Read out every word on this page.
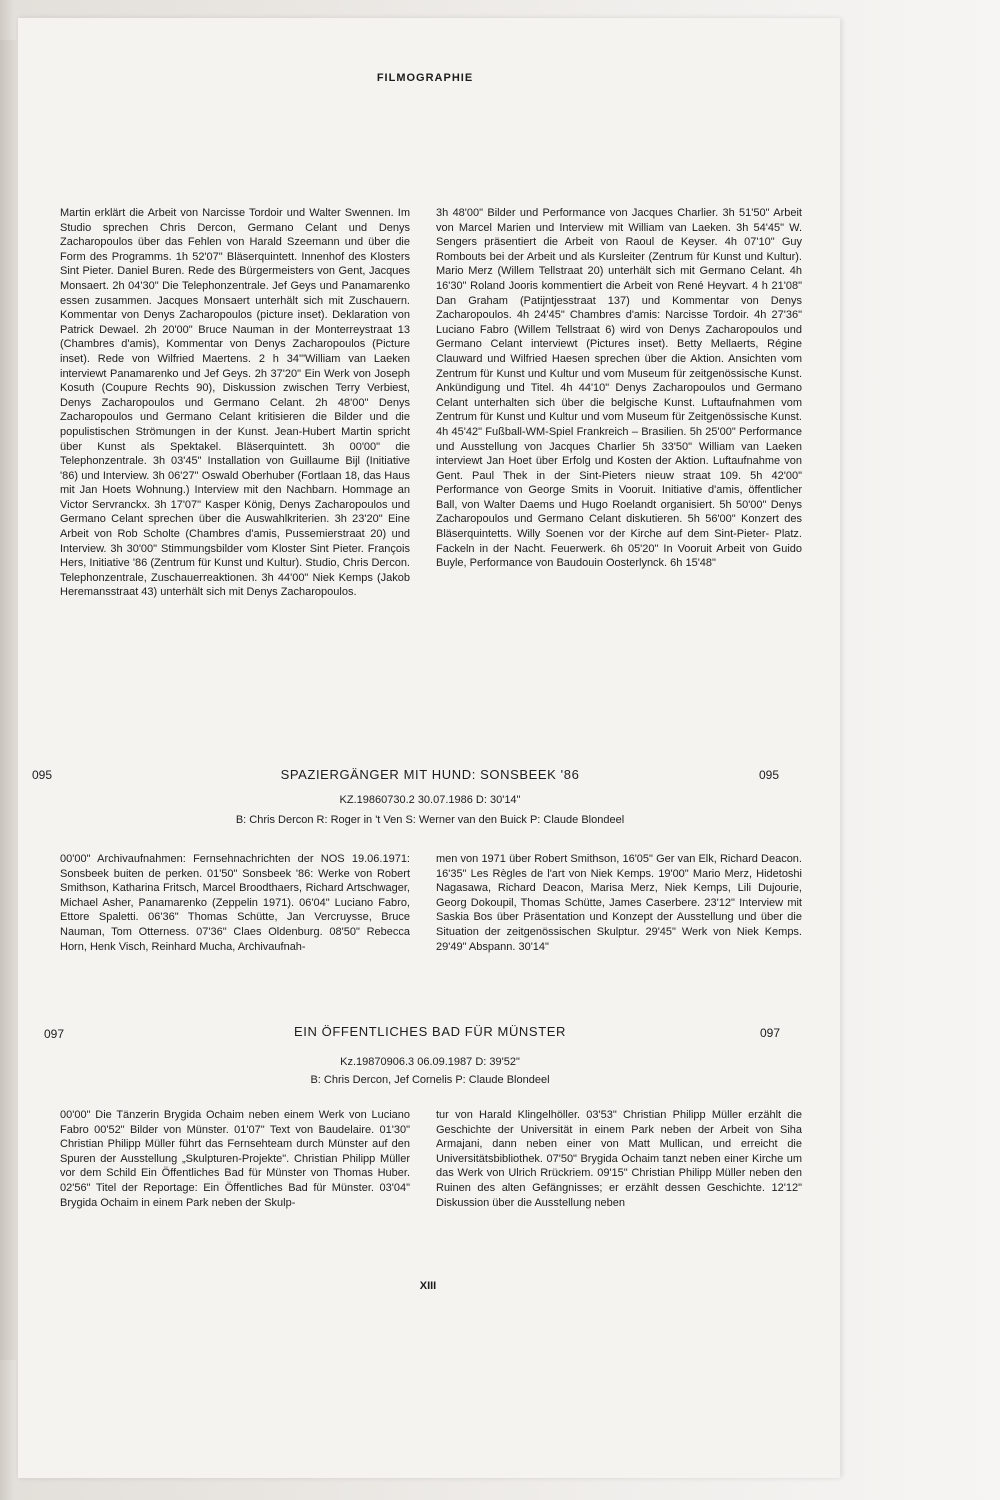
FILMOGRAPHIE
Martin erklärt die Arbeit von Narcisse Tordoir und Walter Swennen. Im Studio sprechen Chris Dercon, Germano Celant und Denys Zacharopoulos über das Fehlen von Harald Szeemann und über die Form des Programms. 1h 52'07" Bläserquintett. Innenhof des Klosters Sint Pieter. Daniel Buren. Rede des Bürgermeisters von Gent, Jacques Monsaert. 2h 04'30" Die Telephonzentrale. Jef Geys und Panamarenko essen zusammen. Jacques Monsaert unterhält sich mit Zuschauern. Kommentar von Denys Zacharopoulos (picture inset). Deklaration von Patrick Dewael. 2h 20'00" Bruce Nauman in der Monterreystraat 13 (Chambres d'amis), Kommentar von Denys Zacharopoulos (Picture inset). Rede von Wilfried Maertens. 2 h 34'"William van Laeken interviewt Panamarenko und Jef Geys. 2h 37'20" Ein Werk von Joseph Kosuth (Coupure Rechts 90), Diskussion zwischen Terry Verbiest, Denys Zacharopoulos und Germano Celant. 2h 48'00" Denys Zacharopoulos und Germano Celant kritisieren die Bilder und die populistischen Strömungen in der Kunst. Jean-Hubert Martin spricht über Kunst als Spektakel. Bläserquintett. 3h 00'00" die Telephonzentrale. 3h 03'45" Installation von Guillaume Bijl (Initiative '86) und Interview. 3h 06'27" Oswald Oberhuber (Fortlaan 18, das Haus mit Jan Hoets Wohnung.) Interview mit den Nachbarn. Hommage an Victor Servranckx. 3h 17'07" Kasper König, Denys Zacharopoulos und Germano Celant sprechen über die Auswahlkriterien. 3h 23'20" Eine Arbeit von Rob Scholte (Chambres d'amis, Pussemierstraat 20) und Interview. 3h 30'00" Stimmungsbilder vom Kloster Sint Pieter. François Hers, Initiative '86 (Zentrum für Kunst und Kultur). Studio, Chris Dercon. Telephonzentrale, Zuschauerreaktionen. 3h 44'00" Niek Kemps (Jakob Heremansstraat 43) unterhält sich mit Denys Zacharopoulos.
3h 48'00" Bilder und Performance von Jacques Charlier. 3h 51'50" Arbeit von Marcel Marien und Interview mit William van Laeken. 3h 54'45" W. Sengers präsentiert die Arbeit von Raoul de Keyser. 4h 07'10" Guy Rombouts bei der Arbeit und als Kursleiter (Zentrum für Kunst und Kultur). Mario Merz (Willem Tellstraat 20) unterhält sich mit Germano Celant. 4h 16'30" Roland Jooris kommentiert die Arbeit von René Heyvart. 4 h 21'08" Dan Graham (Patijntjesstraat 137) und Kommentar von Denys Zacharopoulos. 4h 24'45" Chambres d'amis: Narcisse Tordoir. 4h 27'36" Luciano Fabro (Willem Tellstraat 6) wird von Denys Zacharopoulos und Germano Celant interviewt (Pictures inset). Betty Mellaerts, Régine Clauward und Wilfried Haesen sprechen über die Aktion. Ansichten vom Zentrum für Kunst und Kultur und vom Museum für zeitgenössische Kunst. Ankündigung und Titel. 4h 44'10" Denys Zacharopoulos und Germano Celant unterhalten sich über die belgische Kunst. Luftaufnahmen vom Zentrum für Kunst und Kultur und vom Museum für Zeitgenössische Kunst. 4h 45'42" Fußball-WM-Spiel Frankreich – Brasilien. 5h 25'00" Performance und Ausstellung von Jacques Charlier 5h 33'50" William van Laeken interviewt Jan Hoet über Erfolg und Kosten der Aktion. Luftaufnahme von Gent. Paul Thek in der Sint-Pieters nieuw straat 109. 5h 42'00" Performance von George Smits in Vooruit. Initiative d'amis, öffentlicher Ball, von Walter Daems und Hugo Roelandt organisiert. 5h 50'00" Denys Zacharopoulos und Germano Celant diskutieren. 5h 56'00" Konzert des Bläserquintetts. Willy Soenen vor der Kirche auf dem Sint-Pieter- Platz. Fackeln in der Nacht. Feuerwerk. 6h 05'20" In Vooruit Arbeit von Guido Buyle, Performance von Baudouin Oosterlynck. 6h 15'48"
095	095
SPAZIERGÄNGER MIT HUND: SONSBEEK '86
KZ.19860730.2 30.07.1986 D: 30'14"
B: Chris Dercon R: Roger in 't Ven S: Werner van den Buick P: Claude Blondeel
00'00" Archivaufnahmen: Fernsehnachrichten der NOS 19.06.1971: Sonsbeek buiten de perken. 01'50" Sonsbeek '86: Werke von Robert Smithson, Katharina Fritsch, Marcel Broodthaers, Richard Artschwager, Michael Asher, Panamarenko (Zeppelin 1971). 06'04" Luciano Fabro, Ettore Spaletti. 06'36" Thomas Schütte, Jan Vercruysse, Bruce Nauman, Tom Otterness. 07'36" Claes Oldenburg. 08'50" Rebecca Horn, Henk Visch, Reinhard Mucha, Archivaufnah-
men von 1971 über Robert Smithson, 16'05" Ger van Elk, Richard Deacon. 16'35" Les Règles de l'art von Niek Kemps. 19'00" Mario Merz, Hidetoshi Nagasawa, Richard Deacon, Marisa Merz, Niek Kemps, Lili Dujourie, Georg Dokoupil, Thomas Schütte, James Caserbere. 23'12" Interview mit Saskia Bos über Präsentation und Konzept der Ausstellung und über die Situation der zeitgenössischen Skulptur. 29'45" Werk von Niek Kemps. 29'49" Abspann. 30'14"
097	097
EIN ÖFFENTLICHES BAD FÜR MÜNSTER
Kz.19870906.3 06.09.1987 D: 39'52"
B: Chris Dercon, Jef Cornelis P: Claude Blondeel
00'00" Die Tänzerin Brygida Ochaim neben einem Werk von Luciano Fabro 00'52" Bilder von Münster. 01'07" Text von Baudelaire. 01'30" Christian Philipp Müller führt das Fernsehteam durch Münster auf den Spuren der Ausstellung „Skulpturen-Projekte". Christian Philipp Müller vor dem Schild Ein Öffentliches Bad für Münster von Thomas Huber. 02'56" Titel der Reportage: Ein Öffentliches Bad für Münster. 03'04" Brygida Ochaim in einem Park neben der Skulp-
tur von Harald Klingelhöller. 03'53" Christian Philipp Müller erzählt die Geschichte der Universität in einem Park neben der Arbeit von Siha Armajani, dann neben einer von Matt Mullican, und erreicht die Universitätsbibliothek. 07'50" Brygida Ochaim tanzt neben einer Kirche um das Werk von Ulrich Rrückriem. 09'15" Christian Philipp Müller neben den Ruinen des alten Gefängnisses; er erzählt dessen Geschichte. 12'12" Diskussion über die Ausstellung neben
XIII
